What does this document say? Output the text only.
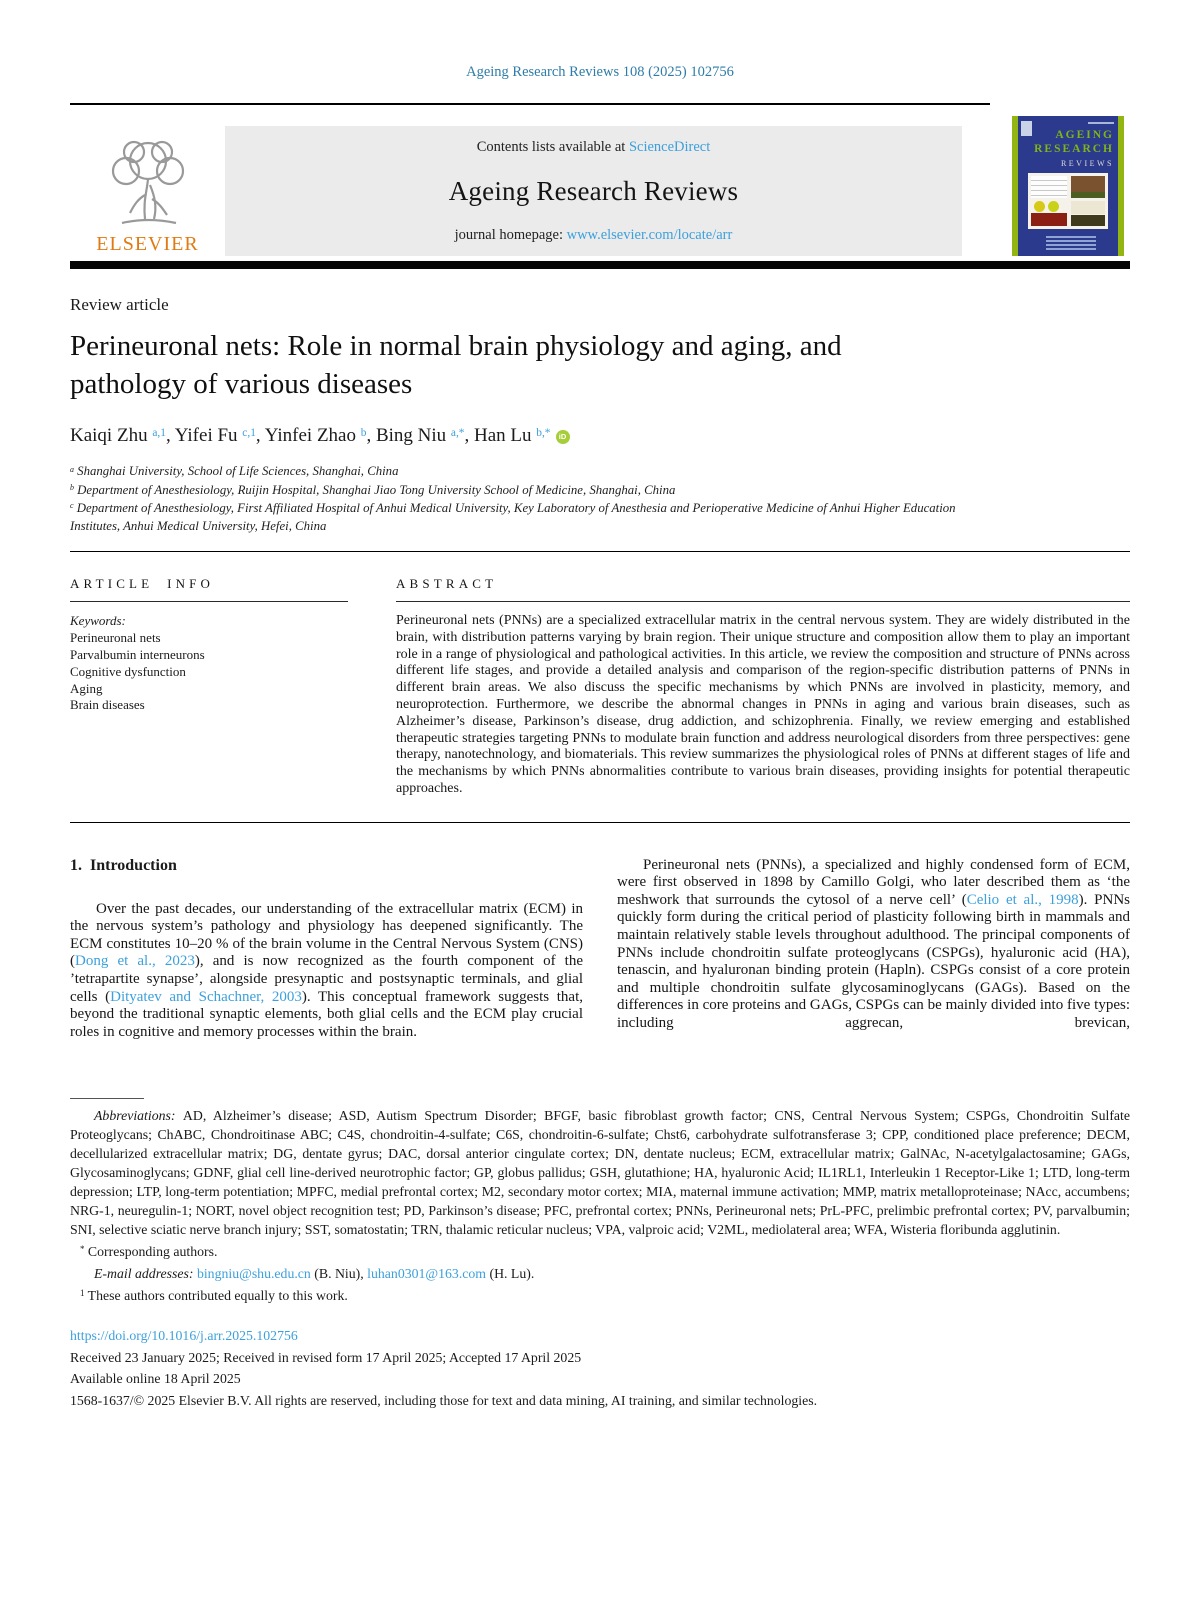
Ageing Research Reviews 108 (2025) 102756
ELSEVIER
Contents lists available at ScienceDirect
Ageing Research Reviews
journal homepage: www.elsevier.com/locate/arr
AGEING
RESEARCH
REVIEWS
Review article
Perineuronal nets: Role in normal brain physiology and aging, and pathology of various diseases
Kaiqi Zhu $^{a,1}$, Yifei Fu $^{c,1}$, Yinfei Zhao $^b$, Bing Niu $^{a,*}$, Han Lu $^{b,*}$ iD
$^a$ Shanghai University, School of Life Sciences, Shanghai, China
$^b$ Department of Anesthesiology, Ruijin Hospital, Shanghai Jiao Tong University School of Medicine, Shanghai, China
$^c$ Department of Anesthesiology, First Affiliated Hospital of Anhui Medical University, Key Laboratory of Anesthesia and Perioperative Medicine of Anhui Higher Education Institutes, Anhui Medical University, Hefei, China
ARTICLE INFO
Keywords:
Perineuronal nets
Parvalbumin interneurons
Cognitive dysfunction
Aging
Brain diseases
ABSTRACT
Perineuronal nets (PNNs) are a specialized extracellular matrix in the central nervous system. They are widely distributed in the brain, with distribution patterns varying by brain region. Their unique structure and composition allow them to play an important role in a range of physiological and pathological activities. In this article, we review the composition and structure of PNNs across different life stages, and provide a detailed analysis and comparison of the region-specific distribution patterns of PNNs in different brain areas. We also discuss the specific mechanisms by which PNNs are involved in plasticity, memory, and neuroprotection. Furthermore, we describe the abnormal changes in PNNs in aging and various brain diseases, such as Alzheimer’s disease, Parkinson’s disease, drug addiction, and schizophrenia. Finally, we review emerging and established therapeutic strategies targeting PNNs to modulate brain function and address neurological disorders from three perspectives: gene therapy, nanotechnology, and biomaterials. This review summarizes the physiological roles of PNNs at different stages of life and the mechanisms by which PNNs abnormalities contribute to various brain diseases, providing insights for potential therapeutic approaches.
1. Introduction

Over the past decades, our understanding of the extracellular matrix (ECM) in the nervous system’s pathology and physiology has deepened significantly. The ECM constitutes 10–20 % of the brain volume in the Central Nervous System (CNS) (Dong et al., 2023), and is now recognized as the fourth component of the ’tetrapartite synapse’, alongside presynaptic and postsynaptic terminals, and glial cells (Dityatev and Schachner, 2003). This conceptual framework suggests that, beyond the traditional synaptic elements, both glial cells and the ECM play crucial roles in cognitive and memory processes within the brain.

Perineuronal nets (PNNs), a specialized and highly condensed form of ECM, were first observed in 1898 by Camillo Golgi, who later described them as ‘the meshwork that surrounds the cytosol of a nerve cell’ (Celio et al., 1998). PNNs quickly form during the critical period of plasticity following birth in mammals and maintain relatively stable levels throughout adulthood. The principal components of PNNs include chondroitin sulfate proteoglycans (CSPGs), hyaluronic acid (HA), tenascin, and hyaluronan binding protein (Hapln). CSPGs consist of a core protein and multiple chondroitin sulfate glycosaminoglycans (GAGs). Based on the differences in core proteins and GAGs, CSPGs can be mainly divided into five types: including aggrecan, brevican,

Abbreviations: AD, Alzheimer’s disease; ASD, Autism Spectrum Disorder; BFGF, basic fibroblast growth factor; CNS, Central Nervous System; CSPGs, Chondroitin Sulfate Proteoglycans; ChABC, Chondroitinase ABC; C4S, chondroitin-4-sulfate; C6S, chondroitin-6-sulfate; Chst6, carbohydrate sulfotransferase 3; CPP, conditioned place preference; DECM, decellularized extracellular matrix; DG, dentate gyrus; DAC, dorsal anterior cingulate cortex; DN, dentate nucleus; ECM, extracellular matrix; GalNAc, N-acetylgalactosamine; GAGs, Glycosaminoglycans; GDNF, glial cell line-derived neurotrophic factor; GP, globus pallidus; GSH, glutathione; HA, hyaluronic Acid; IL1RL1, Interleukin 1 Receptor-Like 1; LTD, long-term depression; LTP, long-term potentiation; MPFC, medial prefrontal cortex; M2, secondary motor cortex; MIA, maternal immune activation; MMP, matrix metalloproteinase; NAcc, accumbens; NRG-1, neuregulin-1; NORT, novel object recognition test; PD, Parkinson’s disease; PFC, prefrontal cortex; PNNs, Perineuronal nets; PrL-PFC, prelimbic prefrontal cortex; PV, parvalbumin; SNI, selective sciatic nerve branch injury; SST, somatostatin; TRN, thalamic reticular nucleus; VPA, valproic acid; V2ML, mediolateral area; WFA, Wisteria floribunda agglutinin.
* Corresponding authors.
E-mail addresses: bingniu@shu.edu.cn (B. Niu), luhan0301@163.com (H. Lu).
$^1$ These authors contributed equally to this work.
https://doi.org/10.1016/j.arr.2025.102756
Received 23 January 2025; Received in revised form 17 April 2025; Accepted 17 April 2025
Available online 18 April 2025
1568-1637/© 2025 Elsevier B.V. All rights are reserved, including those for text and data mining, AI training, and similar technologies.
